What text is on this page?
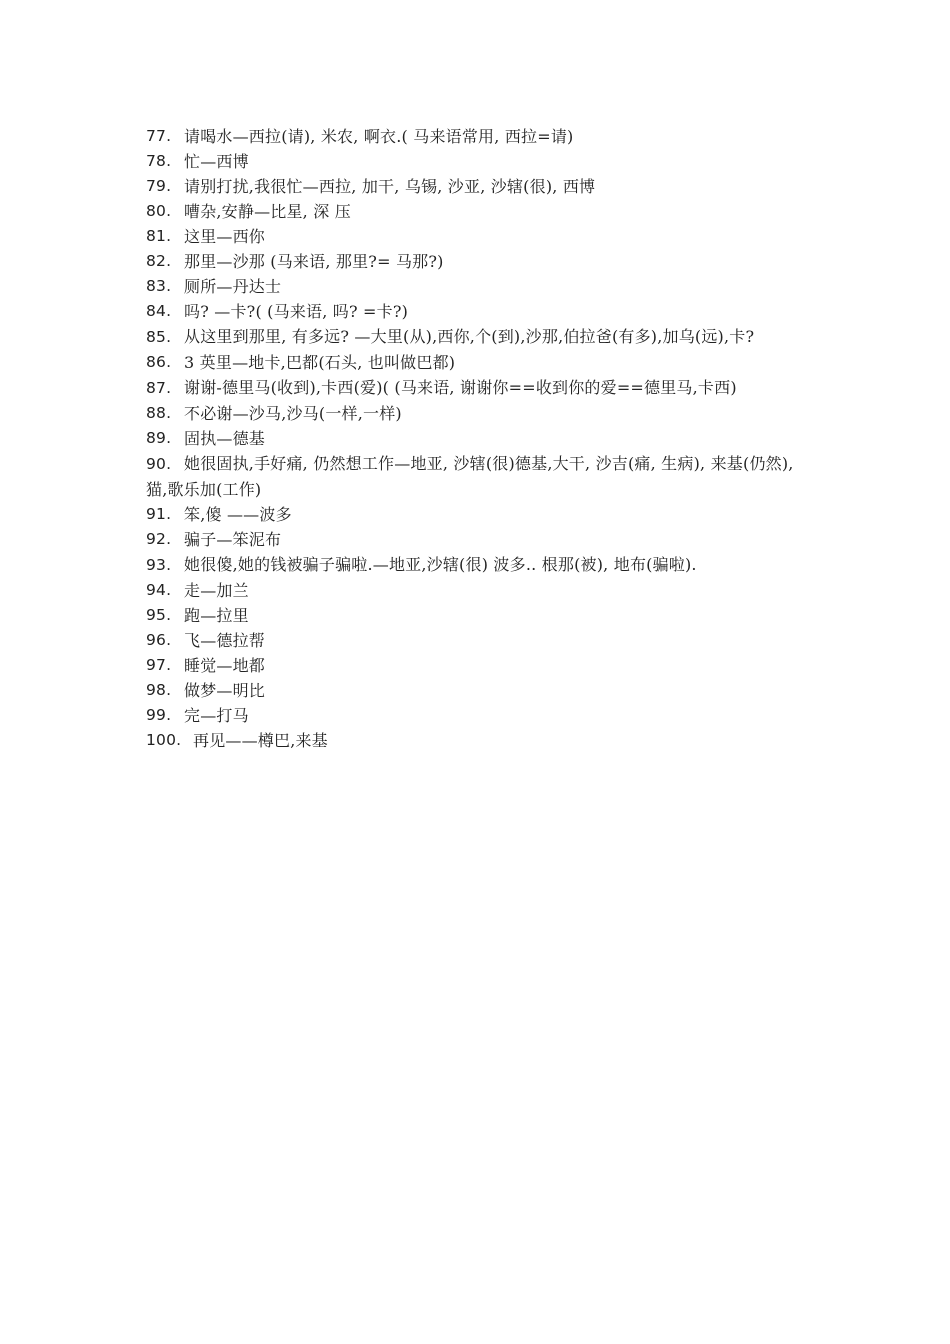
77. 请喝水—西拉(请), 米农, 啊衣.( 马来语常用, 西拉=请)
78. 忙—西博
79. 请别打扰,我很忙—西拉, 加干, 乌锡, 沙亚, 沙辖(很), 西博
80. 嘈杂,安静—比星, 深 压
81. 这里—西你
82. 那里—沙那 (马来语, 那里?= 马那?)
83. 厕所—丹达士
84. 吗? —卡?( (马来语, 吗? =卡?)
85. 从这里到那里, 有多远? —大里(从),西你,个(到),沙那,伯拉爸(有多),加乌(远),卡?
86. 3 英里—地卡,巴都(石头, 也叫做巴都)
87. 谢谢-德里马(收到),卡西(爱)( (马来语, 谢谢你==收到你的爱==德里马,卡西)
88. 不必谢—沙马,沙马(一样,一样)
89. 固执—德基
90. 她很固执,手好痛, 仍然想工作—地亚, 沙辖(很)德基,大干, 沙吉(痛, 生病), 来基(仍然),猫,歌乐加(工作)
91. 笨,傻 ——波多
92. 骗子—笨泥布
93. 她很傻,她的钱被骗子骗啦.—地亚,沙辖(很) 波多.. 根那(被), 地布(骗啦).
94. 走—加兰
95. 跑—拉里
96. 飞—德拉帮
97. 睡觉—地都
98. 做梦—明比
99. 完—打马
100. 再见——樽巴,来基
